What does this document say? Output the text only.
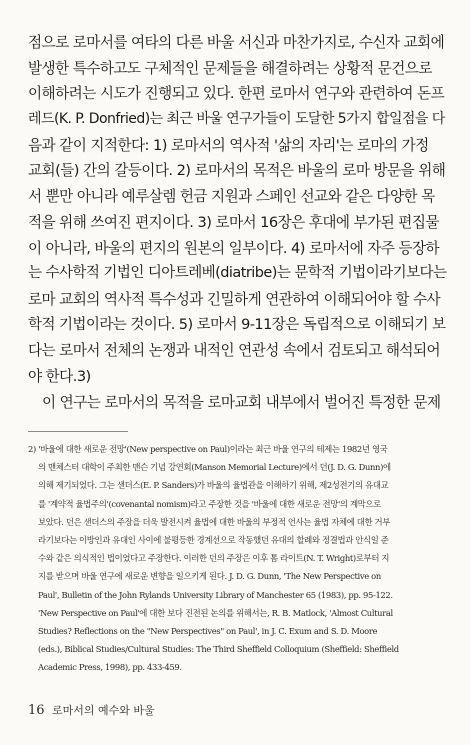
점으로 로마서를 여타의 다른 바울 서신과 마찬가지로, 수신자 교회에
발생한 특수하고도 구체적인 문제들을 해결하려는 상황적 문건으로
이해하려는 시도가 진행되고 있다. 한편 로마서 연구와 관련하여 돈프
레드(K. P. Donfried)는 최근 바울 연구가들이 도달한 5가지 합일점을 다
음과 같이 지적한다: 1) 로마서의 역사적 '삶의 자리'는 로마의 가정
교회(들) 간의 갈등이다. 2) 로마서의 목적은 바울의 로마 방문을 위해
서 뿐만 아니라 예루살렘 헌금 지원과 스페인 선교와 같은 다양한 목
적을 위해 쓰여진 편지이다. 3) 로마서 16장은 후대에 부가된 편집물
이 아니라, 바울의 편지의 원본의 일부이다. 4) 로마서에 자주 등장하
는 수사학적 기법인 디아트레베(diatribe)는 문학적 기법이라기보다는
로마 교회의 역사적 특수성과 긴밀하게 연관하여 이해되어야 할 수사
학적 기법이라는 것이다. 5) 로마서 9-11장은 독립적으로 이해되기 보
다는 로마서 전체의 논쟁과 내적인 연관성 속에서 검토되고 해석되어
야 한다.3)
이 연구는 로마서의 목적을 로마교회 내부에서 벌어진 특정한 문제
2) '바울에 대한 새로운 전망'(New perspective on Paul)이라는 최근 바울 연구의 테제는 1982년 영국
의 맨체스터 대학이 주최한 맨슨 기념 강연회(Manson Memorial Lecture)에서 던(J. D. G. Dunn)에
의해 제기되었다. 그는 샌더스(E. P. Sanders)가 바울의 율법관을 이해하기 위해, 제2성전기의 유대교
를 '계약적 율법주의'(covenantal nomism)라고 주장한 것을 '바울에 대한 새로운 전망'의 계막으로
보았다. 던은 샌더스의 주장을 더욱 발전시켜 율법에 대한 바울의 부정적 언사는 율법 자체에 대한 거부
라기보다는 이방인과 유대인 사이에 불평등한 경계선으로 작동했던 유대의 할례와 정결법과 안식일 준
수와 같은 의식적인 법이었다고 주장한다. 이러한 던의 주장은 이후 톰 라이트(N. T. Wright)로부터 지
지를 받으며 바울 연구에 새로운 변향을 일으키게 된다. J. D. G. Dunn, 'The New Perspective on
Paul', Bulletin of the John Rylands University Library of Manchester 65 (1983), pp. 95-122.
'New Perspective on Paul'에 대한 보다 진전된 논의를 위해서는, R. B. Matlock, 'Almost Cultural
Studies? Reflections on the "New Perspectives" on Paul', in J. C. Exum and S. D. Moore
(eds.), Biblical Studies/Cultural Studies: The Third Sheffield Colloquium (Sheffield: Sheffield
Academic Press, 1998), pp. 433-459.
16 로마서의 예수와 바울
